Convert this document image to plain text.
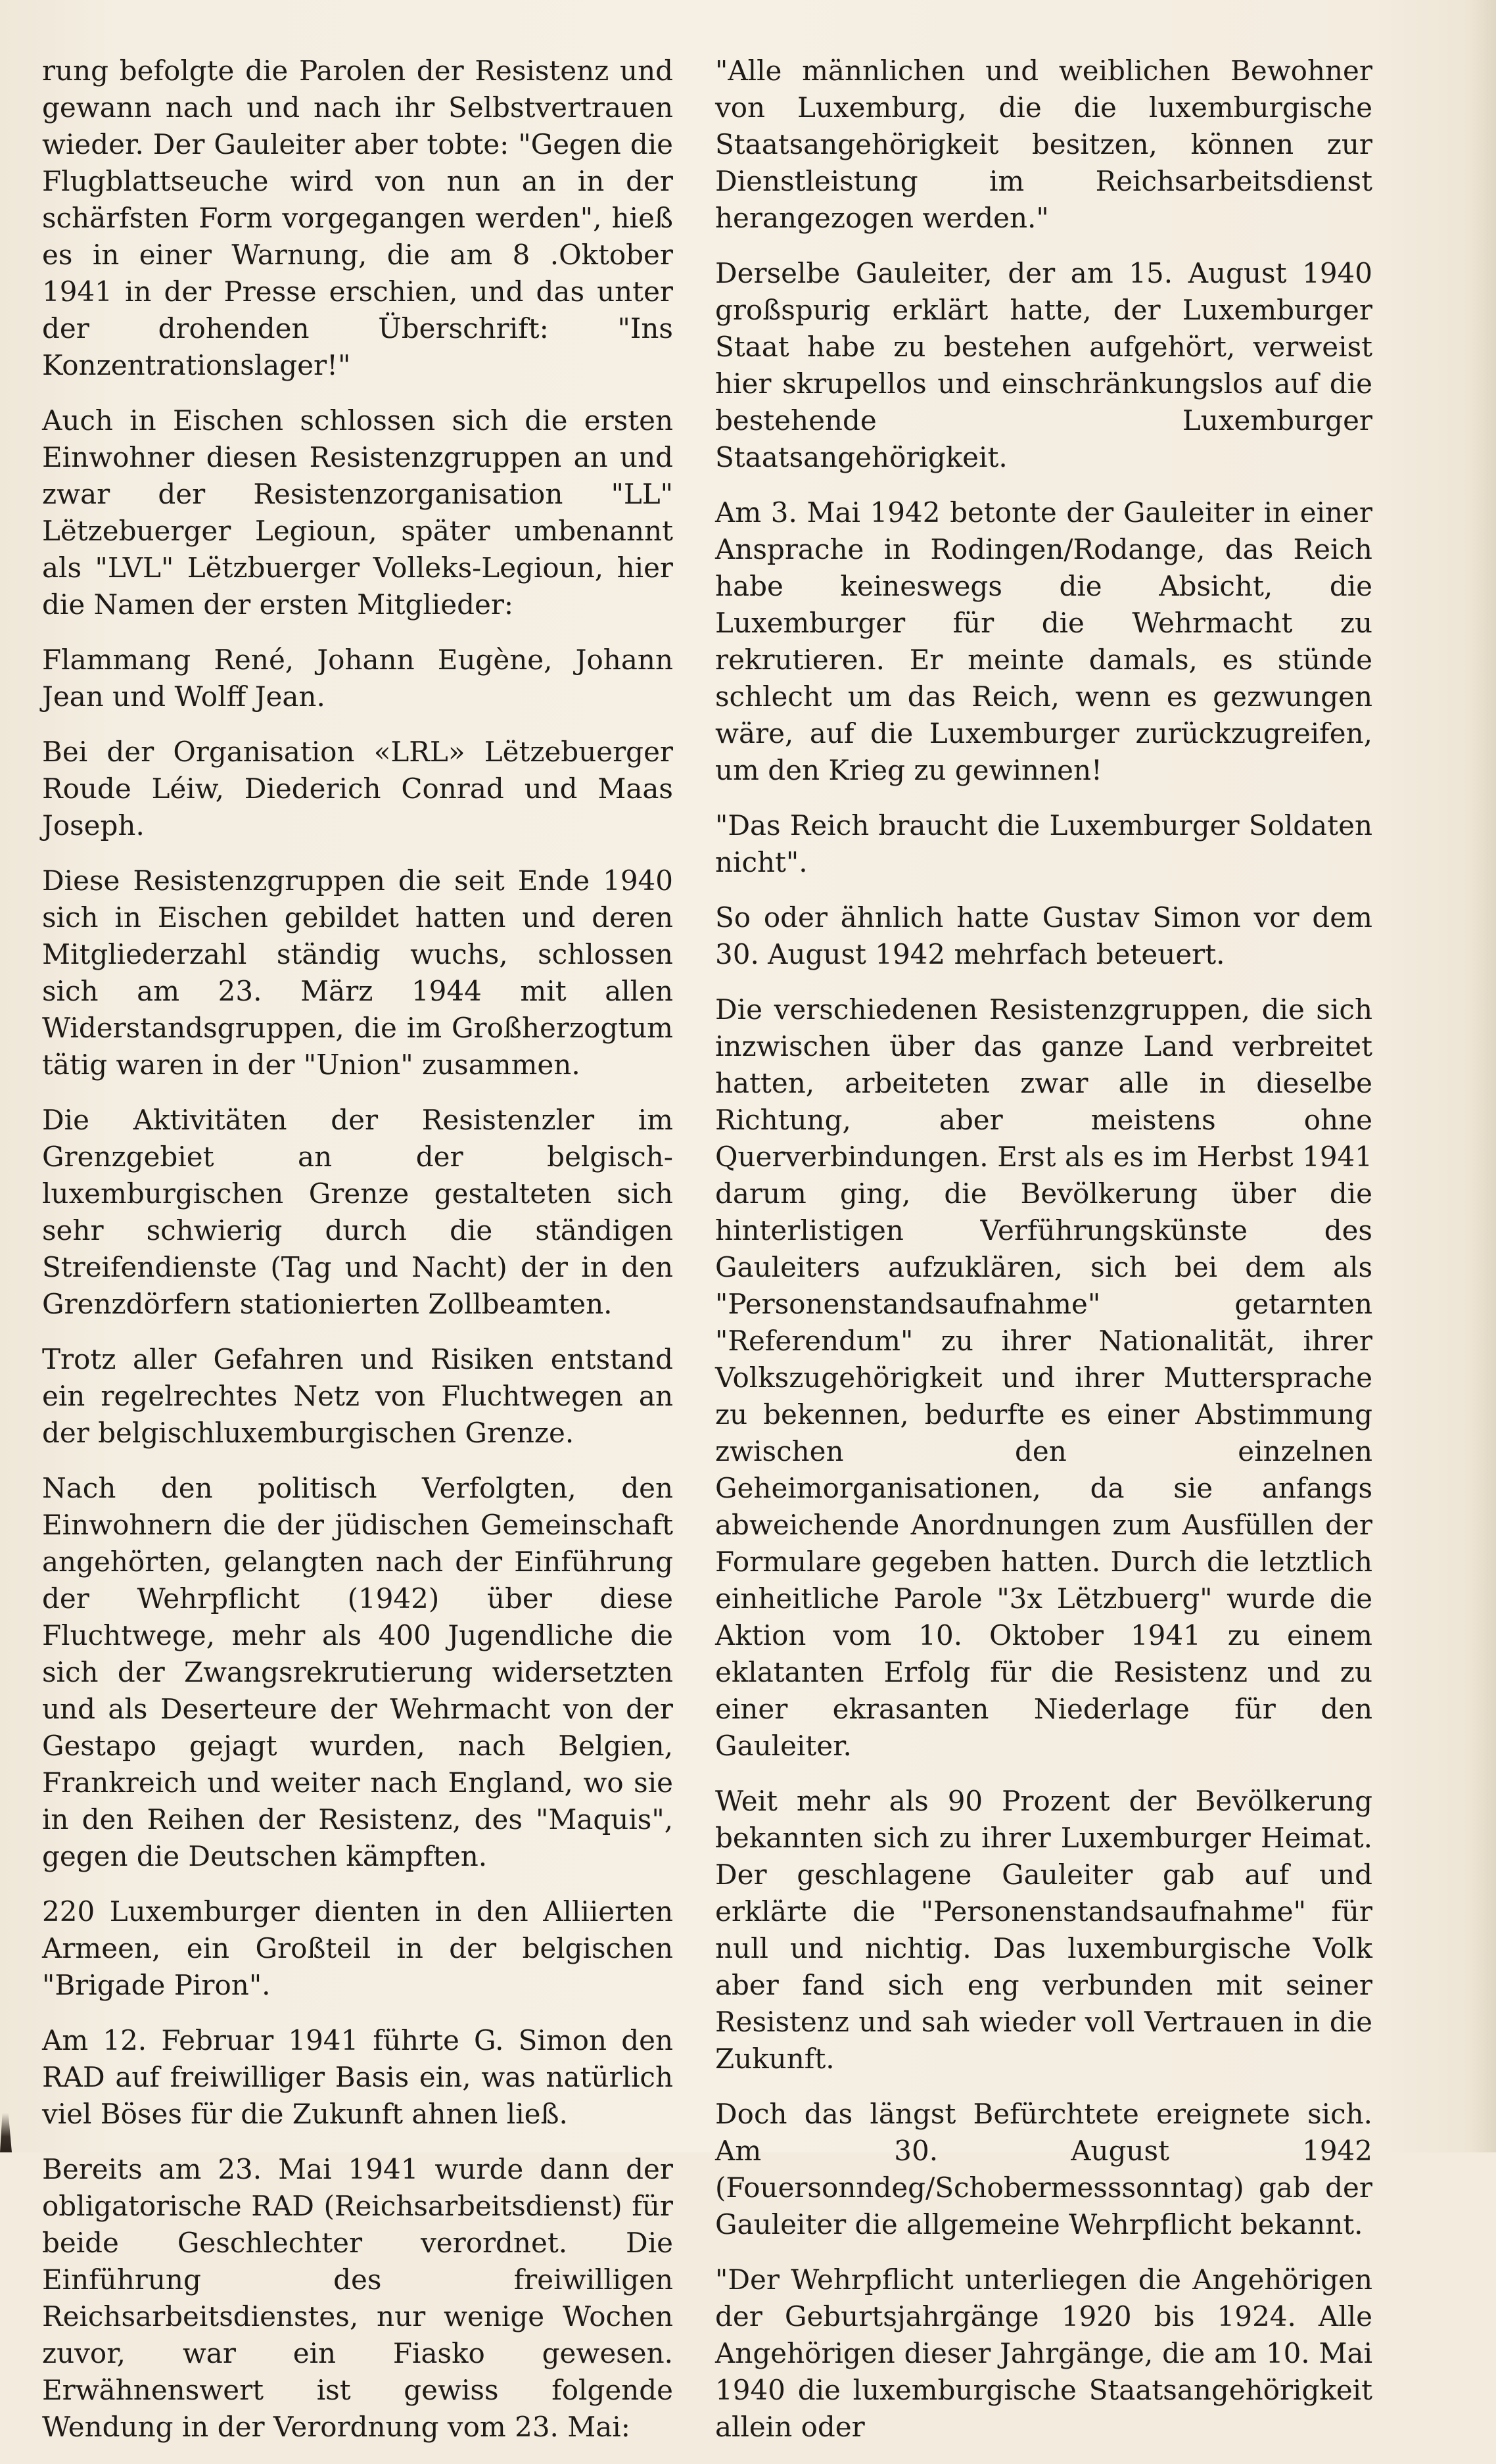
rung befolgte die Parolen der Resistenz und gewann nach und nach ihr Selbstvertrauen wieder. Der Gauleiter aber tobte: "Gegen die Flugblattseuche wird von nun an in der schärfsten Form vorgegangen werden", hieß es in einer Warnung, die am 8 .Oktober 1941 in der Presse erschien, und das unter der drohenden Überschrift: "Ins Konzentrationslager!"

Auch in Eischen schlossen sich die ersten Einwohner diesen Resistenzgruppen an und zwar der Resistenzorganisation "LL" Lëtzebuerger Legioun, später umbenannt als "LVL" Lëtzbuerger Volleks-Legioun, hier die Namen der ersten Mitglieder:

Flammang René, Johann Eugène, Johann Jean und Wolff Jean.

Bei der Organisation «LRL» Lëtzebuerger Roude Léiw, Diederich Conrad und Maas Joseph.

Diese Resistenzgruppen die seit Ende 1940 sich in Eischen gebildet hatten und deren Mitgliederzahl ständig wuchs, schlossen sich am 23. März 1944 mit allen Widerstandsgruppen, die im Großherzogtum tätig waren in der "Union" zusammen.

Die Aktivitäten der Resistenzler im Grenzgebiet an der belgisch-luxemburgischen Grenze gestalteten sich sehr schwierig durch die ständigen Streifendienste (Tag und Nacht) der in den Grenzdörfern stationierten Zollbeamten.

Trotz aller Gefahren und Risiken entstand ein regelrechtes Netz von Fluchtwegen an der belgischluxemburgischen Grenze.

Nach den politisch Verfolgten, den Einwohnern die der jüdischen Gemeinschaft angehörten, gelangten nach der Einführung der Wehrpflicht (1942) über diese Fluchtwege, mehr als 400 Jugendliche die sich der Zwangsrekrutierung widersetzten und als Deserteure der Wehrmacht von der Gestapo gejagt wurden, nach Belgien, Frankreich und weiter nach England, wo sie in den Reihen der Resistenz, des "Maquis", gegen die Deutschen kämpften.

220 Luxemburger dienten in den Alliierten Armeen, ein Großteil in der belgischen "Brigade Piron".

Am 12. Februar 1941 führte G. Simon den RAD auf freiwilliger Basis ein, was natürlich viel Böses für die Zukunft ahnen ließ.

Bereits am 23. Mai 1941 wurde dann der obligatorische RAD (Reichsarbeitsdienst) für beide Geschlechter verordnet. Die Einführung des freiwilligen Reichsarbeitsdienstes, nur wenige Wochen zuvor, war ein Fiasko gewesen. Erwähnenswert ist gewiss folgende Wendung in der Verordnung vom 23. Mai:

"Alle männlichen und weiblichen Bewohner von Luxemburg, die die luxemburgische Staatsangehörigkeit besitzen, können zur Dienstleistung im Reichsarbeitsdienst herangezogen werden."

Derselbe Gauleiter, der am 15. August 1940 großspurig erklärt hatte, der Luxemburger Staat habe zu bestehen aufgehört, verweist hier skrupellos und einschränkungslos auf die bestehende Luxemburger Staatsangehörigkeit.

Am 3. Mai 1942 betonte der Gauleiter in einer Ansprache in Rodingen/Rodange, das Reich habe keineswegs die Absicht, die Luxemburger für die Wehrmacht zu rekrutieren. Er meinte damals, es stünde schlecht um das Reich, wenn es gezwungen wäre, auf die Luxemburger zurückzugreifen, um den Krieg zu gewinnen!

"Das Reich braucht die Luxemburger Soldaten nicht".

So oder ähnlich hatte Gustav Simon vor dem 30. August 1942 mehrfach beteuert.

Die verschiedenen Resistenzgruppen, die sich inzwischen über das ganze Land verbreitet hatten, arbeiteten zwar alle in dieselbe Richtung, aber meistens ohne Querverbindungen. Erst als es im Herbst 1941 darum ging, die Bevölkerung über die hinterlistigen Verführungskünste des Gauleiters aufzuklären, sich bei dem als "Personenstandsaufnahme" getarnten "Referendum" zu ihrer Nationalität, ihrer Volkszugehörigkeit und ihrer Muttersprache zu bekennen, bedurfte es einer Abstimmung zwischen den einzelnen Geheimorganisationen, da sie anfangs abweichende Anordnungen zum Ausfüllen der Formulare gegeben hatten. Durch die letztlich einheitliche Parole "3x Lëtzbuerg" wurde die Aktion vom 10. Oktober 1941 zu einem eklatanten Erfolg für die Resistenz und zu einer ekrasanten Niederlage für den Gauleiter.

Weit mehr als 90 Prozent der Bevölkerung bekannten sich zu ihrer Luxemburger Heimat. Der geschlagene Gauleiter gab auf und erklärte die "Personenstandsaufnahme" für null und nichtig. Das luxemburgische Volk aber fand sich eng verbunden mit seiner Resistenz und sah wieder voll Vertrauen in die Zukunft.

Doch das längst Befürchtete ereignete sich. Am 30. August 1942 (Fouersonndeg/Schobermesssonntag) gab der Gauleiter die allgemeine Wehrpflicht bekannt.

"Der Wehrpflicht unterliegen die Angehörigen der Geburtsjahrgänge 1920 bis 1924. Alle Angehörigen dieser Jahrgänge, die am 10. Mai 1940 die luxemburgische Staatsangehörigkeit allein oder
